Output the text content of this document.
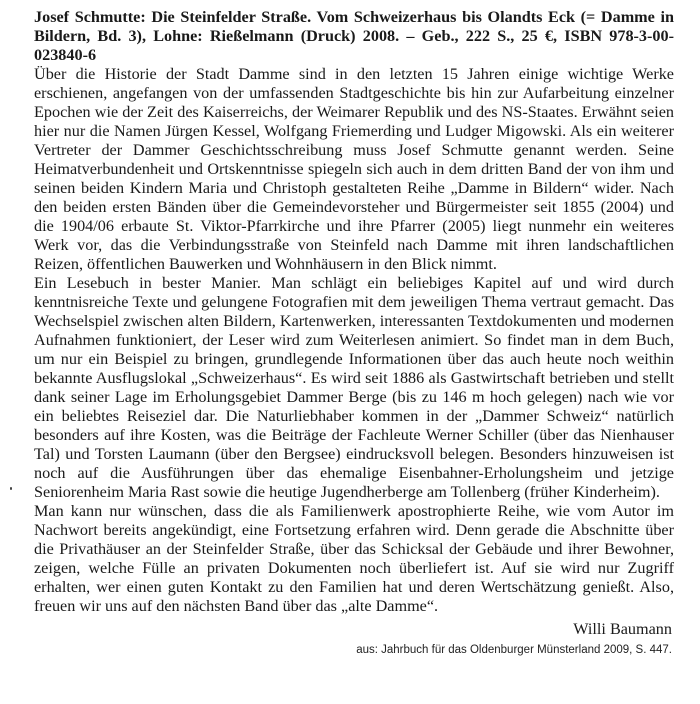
Josef Schmutte: Die Steinfelder Straße. Vom Schweizerhaus bis Olandts Eck (= Damme in Bildern, Bd. 3), Lohne: Rießelmann (Druck) 2008. – Geb., 222 S., 25 €, ISBN 978-3-00-023840-6

Über die Historie der Stadt Damme sind in den letzten 15 Jahren einige wichtige Werke erschienen, angefangen von der umfassenden Stadtgeschichte bis hin zur Aufarbeitung einzelner Epochen wie der Zeit des Kaiserreichs, der Weimarer Republik und des NS-Staates. Erwähnt seien hier nur die Namen Jürgen Kessel, Wolfgang Friemerding und Ludger Migowski. Als ein weiterer Vertreter der Dammer Geschichtsschreibung muss Josef Schmutte genannt werden. Seine Heimatverbundenheit und Ortskenntnisse spiegeln sich auch in dem dritten Band der von ihm und seinen beiden Kindern Maria und Christoph gestalteten Reihe „Damme in Bildern“ wider. Nach den beiden ersten Bänden über die Gemeindevorsteher und Bürgermeister seit 1855 (2004) und die 1904/06 erbaute St. Viktor-Pfarrkirche und ihre Pfarrer (2005) liegt nunmehr ein weiteres Werk vor, das die Verbindungsstraße von Steinfeld nach Damme mit ihren landschaftlichen Reizen, öffentlichen Bauwerken und Wohnhäusern in den Blick nimmt.

Ein Lesebuch in bester Manier. Man schlägt ein beliebiges Kapitel auf und wird durch kenntnisreiche Texte und gelungene Fotografien mit dem jeweiligen Thema vertraut gemacht. Das Wechselspiel zwischen alten Bildern, Kartenwerken, interessanten Textdokumenten und modernen Aufnahmen funktioniert, der Leser wird zum Weiterlesen animiert. So findet man in dem Buch, um nur ein Beispiel zu bringen, grundlegende Informationen über das auch heute noch weithin bekannte Ausflugslokal „Schweizerhaus“. Es wird seit 1886 als Gastwirtschaft betrieben und stellt dank seiner Lage im Erholungsgebiet Dammer Berge (bis zu 146 m hoch gelegen) nach wie vor ein beliebtes Reiseziel dar. Die Naturliebhaber kommen in der „Dammer Schweiz“ natürlich besonders auf ihre Kosten, was die Beiträge der Fachleute Werner Schiller (über das Nienhauser Tal) und Torsten Laumann (über den Bergsee) eindrucksvoll belegen. Besonders hinzuweisen ist noch auf die Ausführungen über das ehemalige Eisenbahner-Erholungsheim und jetzige Seniorenheim Maria Rast sowie die heutige Jugendherberge am Tollenberg (früher Kinderheim).

Man kann nur wünschen, dass die als Familienwerk apostrophierte Reihe, wie vom Autor im Nachwort bereits angekündigt, eine Fortsetzung erfahren wird. Denn gerade die Abschnitte über die Privathäuser an der Steinfelder Straße, über das Schicksal der Gebäude und ihrer Bewohner, zeigen, welche Fülle an privaten Dokumenten noch überliefert ist. Auf sie wird nur Zugriff erhalten, wer einen guten Kontakt zu den Familien hat und deren Wertschätzung genießt. Also, freuen wir uns auf den nächsten Band über das „alte Damme“.

Willi Baumann

aus: Jahrbuch für das Oldenburger Münsterland 2009, S. 447.
